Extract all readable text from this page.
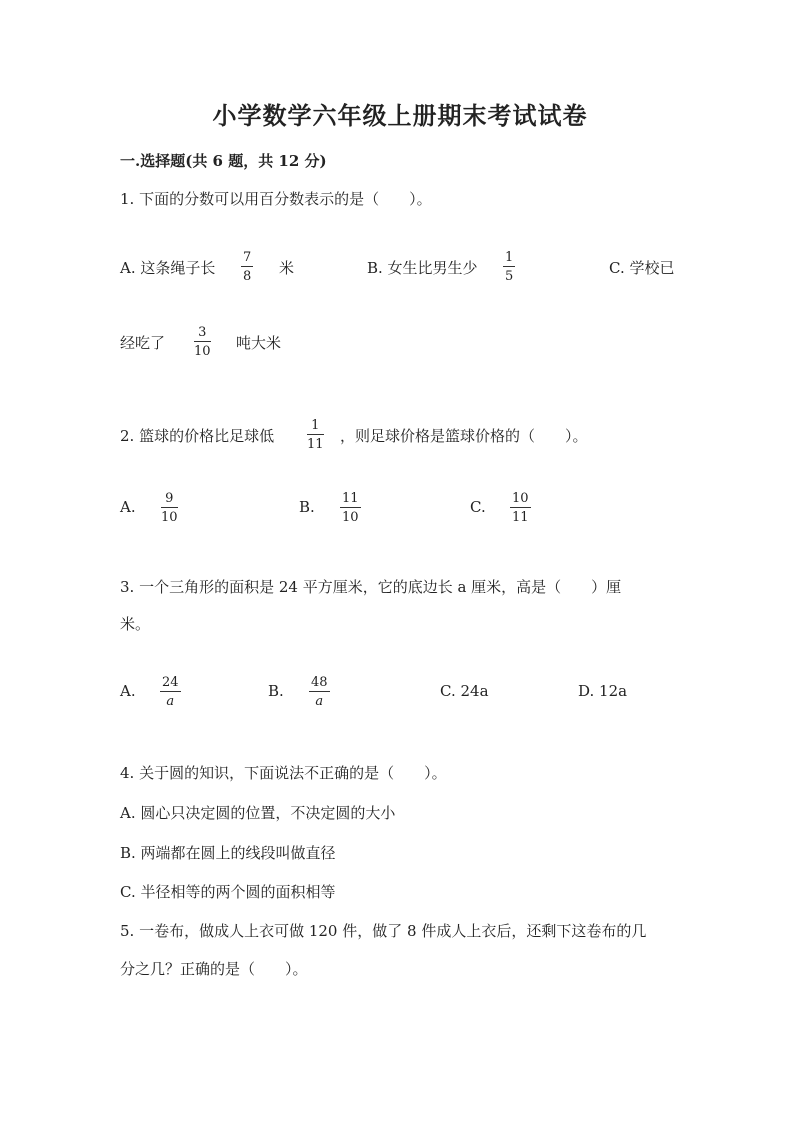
小学数学六年级上册期末考试试卷
一.选择题(共 6 题，共 12 分)
1. 下面的分数可以用百分数表示的是（　　）。
A. 这条绳子长
7
8 米	B. 女生比男生少
1
5	C. 学校已
经吃了
3
10 吨大米
2. 篮球的价格比足球低
1
11 ，则足球价格是篮球价格的（　　）。
A. 9
10
B. 11
10
C. 10
11
3. 一个三角形的面积是 24 平方厘米，它的底边长 a 厘米，高是（　　）厘
米。
A. 24
a
B. 48
a
C. 24a	D. 12a
4. 关于圆的知识，下面说法不正确的是（　　）。
A. 圆心只决定圆的位置，不决定圆的大小
B. 两端都在圆上的线段叫做直径
C. 半径相等的两个圆的面积相等
5. 一卷布，做成人上衣可做 120 件，做了 8 件成人上衣后，还剩下这卷布的几
分之几？正确的是（　　）。
